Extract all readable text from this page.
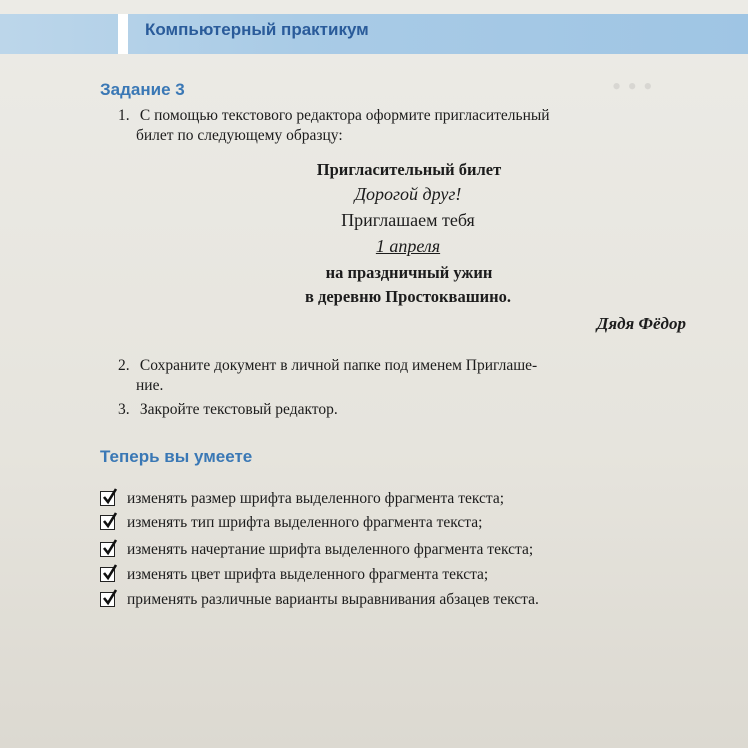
Компьютерный практикум
• • •
Задание 3
1. С помощью текстового редактора оформите пригласительный
билет по следующему образцу:
Пригласительный билет
Дорогой друг!
Приглашаем тебя
1 апреля
на праздничный ужин
в деревню Простоквашино.
Дядя Фёдор
2. Сохраните документ в личной папке под именем Приглаше-
ние.
3. Закройте текстовый редактор.
Теперь вы умеете
изменять размер шрифта выделенного фрагмента текста;
изменять тип шрифта выделенного фрагмента текста;
изменять начертание шрифта выделенного фрагмента текста;
изменять цвет шрифта выделенного фрагмента текста;
применять различные варианты выравнивания абзацев текста.
